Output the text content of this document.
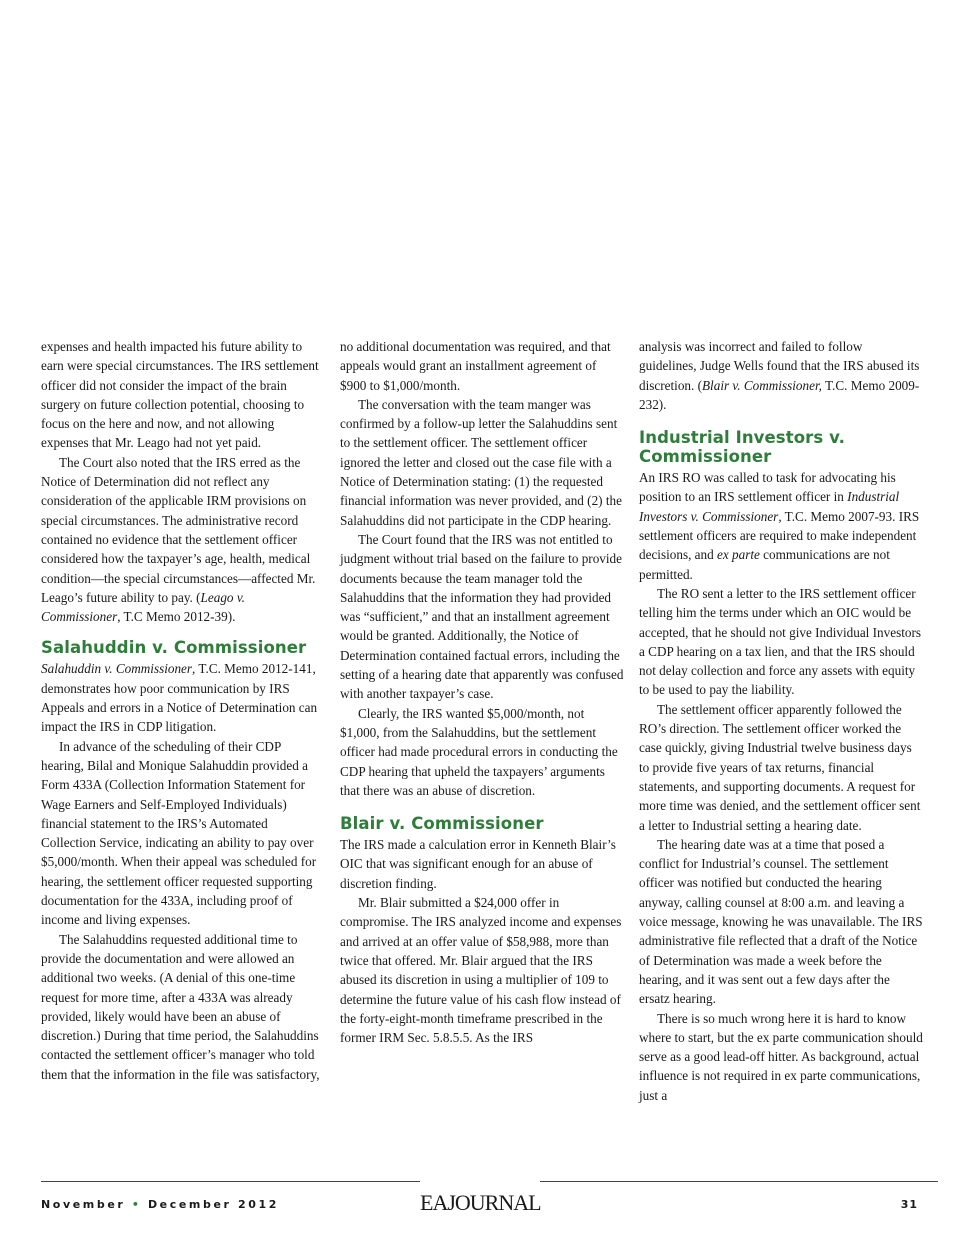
expenses and health impacted his future ability to earn were special circumstances. The IRS settlement officer did not consider the impact of the brain surgery on future collection potential, choosing to focus on the here and now, and not allowing expenses that Mr. Leago had not yet paid.

The Court also noted that the IRS erred as the Notice of Determination did not reflect any consideration of the applicable IRM provisions on special circumstances. The administrative record contained no evidence that the settlement officer considered how the taxpayer’s age, health, medical condition—the special circumstances—affected Mr. Leago’s future ability to pay. (Leago v. Commissioner, T.C Memo 2012-39).

Salahuddin v. Commissioner

Salahuddin v. Commissioner, T.C. Memo 2012-141, demonstrates how poor communication by IRS Appeals and errors in a Notice of Determination can impact the IRS in CDP litigation.

In advance of the scheduling of their CDP hearing, Bilal and Monique Salahuddin provided a Form 433A (Collection Information Statement for Wage Earners and Self-Employed Individuals) financial statement to the IRS’s Automated Collection Service, indicating an ability to pay over $5,000/month. When their appeal was scheduled for hearing, the settlement officer requested supporting documentation for the 433A, including proof of income and living expenses.

The Salahuddins requested additional time to provide the documentation and were allowed an additional two weeks. (A denial of this one-time request for more time, after a 433A was already provided, likely would have been an abuse of discretion.) During that time period, the Salahuddins contacted the settlement officer’s manager who told them that the information in the file was satisfactory,

no additional documentation was required, and that appeals would grant an installment agreement of $900 to $1,000/month.

The conversation with the team manger was confirmed by a follow-up letter the Salahuddins sent to the settlement officer. The settlement officer ignored the letter and closed out the case file with a Notice of Determination stating: (1) the requested financial information was never provided, and (2) the Salahuddins did not participate in the CDP hearing.

The Court found that the IRS was not entitled to judgment without trial based on the failure to provide documents because the team manager told the Salahuddins that the information they had provided was “sufficient,” and that an installment agreement would be granted. Additionally, the Notice of Determination contained factual errors, including the setting of a hearing date that apparently was confused with another taxpayer’s case.

Clearly, the IRS wanted $5,000/month, not $1,000, from the Salahuddins, but the settlement officer had made procedural errors in conducting the CDP hearing that upheld the taxpayers’ arguments that there was an abuse of discretion.

Blair v. Commissioner

The IRS made a calculation error in Kenneth Blair’s OIC that was significant enough for an abuse of discretion finding.

Mr. Blair submitted a $24,000 offer in compromise. The IRS analyzed income and expenses and arrived at an offer value of $58,988, more than twice that offered. Mr. Blair argued that the IRS abused its discretion in using a multiplier of 109 to determine the future value of his cash flow instead of the forty-eight-month timeframe prescribed in the former IRM Sec. 5.8.5.5. As the IRS

analysis was incorrect and failed to follow guidelines, Judge Wells found that the IRS abused its discretion. (Blair v. Commissioner, T.C. Memo 2009-232).

Industrial Investors v. Commissioner

An IRS RO was called to task for advocating his position to an IRS settlement officer in Industrial Investors v. Commissioner, T.C. Memo 2007-93. IRS settlement officers are required to make independent decisions, and ex parte communications are not permitted.

The RO sent a letter to the IRS settlement officer telling him the terms under which an OIC would be accepted, that he should not give Individual Investors a CDP hearing on a tax lien, and that the IRS should not delay collection and force any assets with equity to be used to pay the liability.

The settlement officer apparently followed the RO’s direction. The settlement officer worked the case quickly, giving Industrial twelve business days to provide five years of tax returns, financial statements, and supporting documents. A request for more time was denied, and the settlement officer sent a letter to Industrial setting a hearing date.

The hearing date was at a time that posed a conflict for Industrial’s counsel. The settlement officer was notified but conducted the hearing anyway, calling counsel at 8:00 a.m. and leaving a voice message, knowing he was unavailable. The IRS administrative file reflected that a draft of the Notice of Determination was made a week before the hearing, and it was sent out a few days after the ersatz hearing.

There is so much wrong here it is hard to know where to start, but the ex parte communication should serve as a good lead-off hitter. As background, actual influence is not required in ex parte communications, just a

November • December 2012	EAJOURNAL	31
